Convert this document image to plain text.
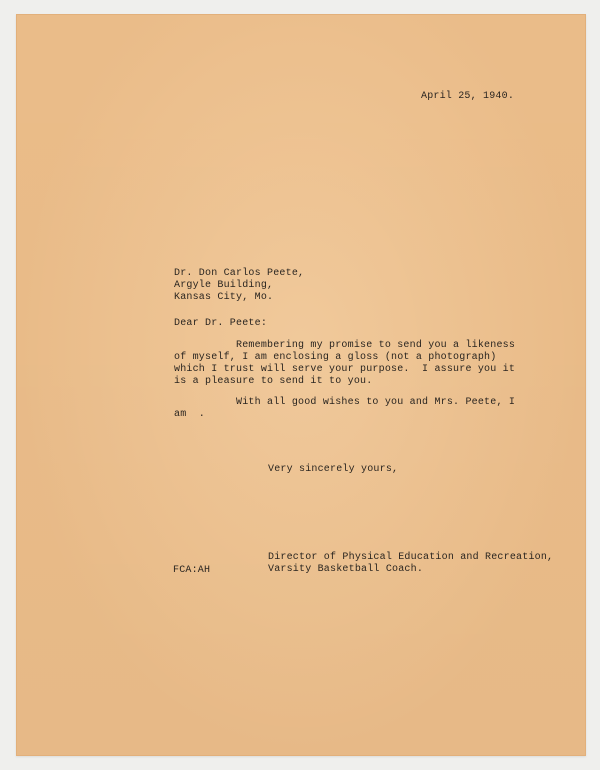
April 25, 1940.

Dr. Don Carlos Peete,
Argyle Building,
Kansas City, Mo.

Dear Dr. Peete:

Remembering my promise to send you a likeness
of myself, I am enclosing a gloss (not a photograph)
which I trust will serve your purpose.  I assure you it
is a pleasure to send it to you.
With all good wishes to you and Mrs. Peete, I
am  .

Very sincerely yours,

Director of Physical Education and Recreation,
Varsity Basketball Coach.

FCA:AH
